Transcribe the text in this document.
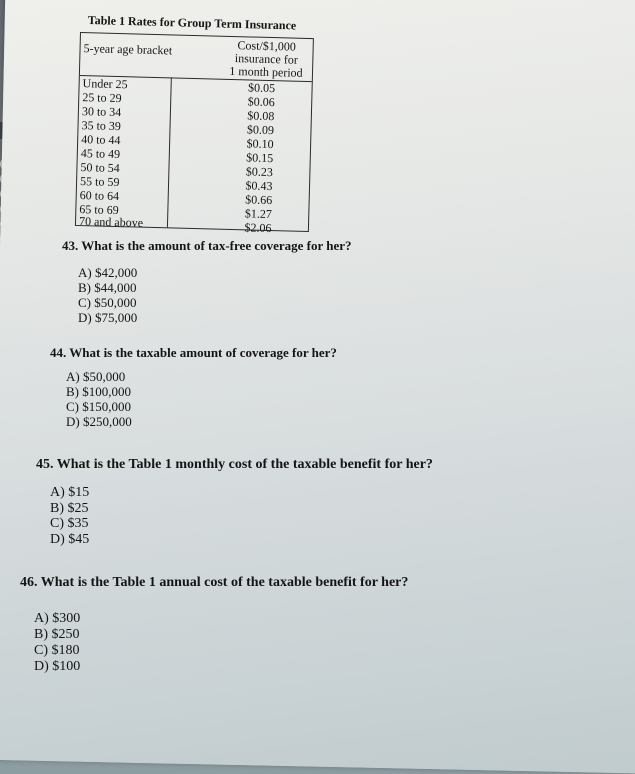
Table 1 Rates for Group Term Insurance
5-year age bracket	Cost/$1,000
insurance for
1 month period
Under 25	$0.05
25 to 29	$0.06
30 to 34	$0.08
35 to 39	$0.09
40 to 44	$0.10
45 to 49	$0.15
50 to 54	$0.23
55 to 59	$0.43
60 to 64	$0.66
65 to 69	$1.27
70 and above	$2.06
43. What is the amount of tax-free coverage for her?
A) $42,000
B) $44,000
C) $50,000
D) $75,000
44. What is the taxable amount of coverage for her?
A) $50,000
B) $100,000
C) $150,000
D) $250,000
45. What is the Table 1 monthly cost of the taxable benefit for her?
A) $15
B) $25
C) $35
D) $45
46. What is the Table 1 annual cost of the taxable benefit for her?
A) $300
B) $250
C) $180
D) $100
